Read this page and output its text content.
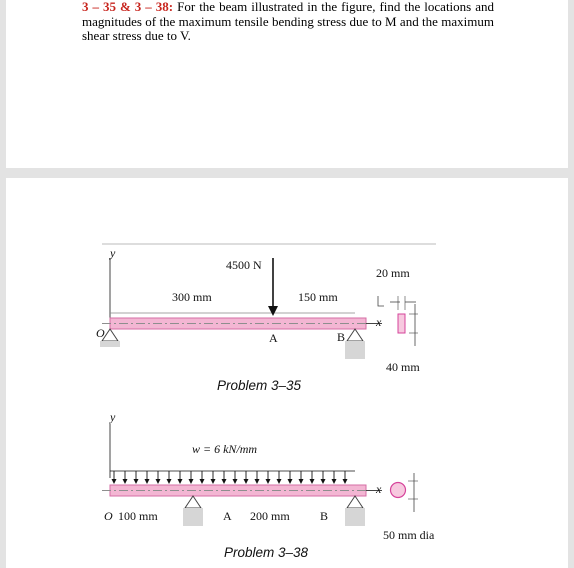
3 – 35 & 3 – 38: For the beam illustrated in the figure, find the locations and magnitudes of the maximum tensile bending stress due to M and the maximum shear stress due to V.
y
O	B
300 mm	150 mm
4500 N
A
x
20 mm
40 mm
Problem 3–35
y
w = 6 kN/mm
O 100 mm	A 200 mm	B
x
50 mm dia
Problem 3–38
